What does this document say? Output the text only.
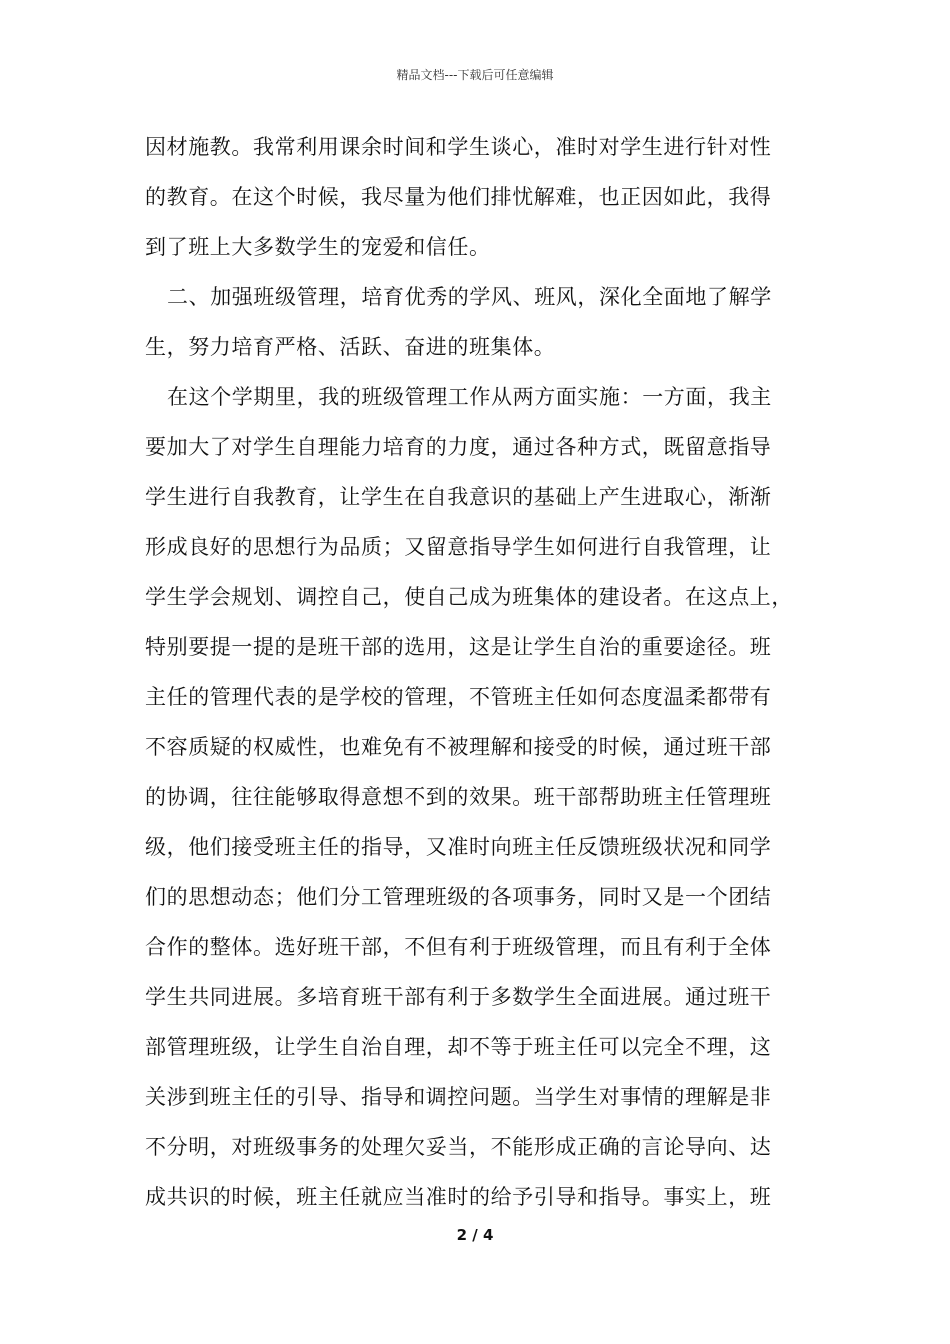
精品文档---下载后可任意编辑
因材施教。我常利用课余时间和学生谈心，准时对学生进行针对性
的教育。在这个时候，我尽量为他们排忧解难，也正因如此，我得
到了班上大多数学生的宠爱和信任。
二、加强班级管理，培育优秀的学风、班风，深化全面地了解学
生，努力培育严格、活跃、奋进的班集体。
在这个学期里，我的班级管理工作从两方面实施：一方面，我主
要加大了对学生自理能力培育的力度，通过各种方式，既留意指导
学生进行自我教育，让学生在自我意识的基础上产生进取心，渐渐
形成良好的思想行为品质；又留意指导学生如何进行自我管理，让
学生学会规划、调控自己，使自己成为班集体的建设者。在这点上，
特别要提一提的是班干部的选用，这是让学生自治的重要途径。班
主任的管理代表的是学校的管理，不管班主任如何态度温柔都带有
不容质疑的权威性，也难免有不被理解和接受的时候，通过班干部
的协调，往往能够取得意想不到的效果。班干部帮助班主任管理班
级，他们接受班主任的指导，又准时向班主任反馈班级状况和同学
们的思想动态；他们分工管理班级的各项事务，同时又是一个团结
合作的整体。选好班干部，不但有利于班级管理，而且有利于全体
学生共同进展。多培育班干部有利于多数学生全面进展。通过班干
部管理班级，让学生自治自理，却不等于班主任可以完全不理，这
关涉到班主任的引导、指导和调控问题。当学生对事情的理解是非
不分明，对班级事务的处理欠妥当，不能形成正确的言论导向、达
成共识的时候，班主任就应当准时的给予引导和指导。事实上，班
2 / 4
